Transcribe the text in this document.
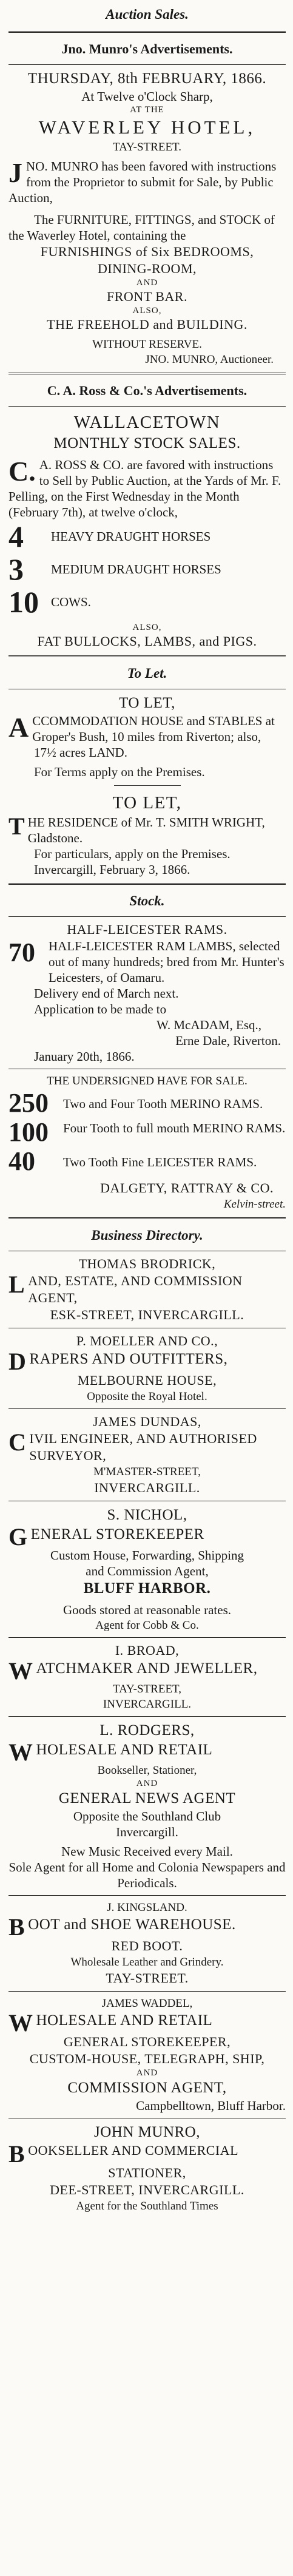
Auction Sales.
Jno. Munro's Advertisements.
THURSDAY, 8th FEBRUARY, 1866.
At Twelve o'Clock Sharp,
AT THE
WAVERLEY HOTEL,
TAY-STREET.
J NO. MUNRO has been favored with instructions from the Proprietor to submit for Sale, by Public Auction,
The FURNITURE, FITTINGS, and STOCK of the Waverley Hotel, containing the
FURNISHINGS of Six BEDROOMS,
DINING-ROOM,
AND
FRONT BAR.
ALSO,
THE FREEHOLD and BUILDING.
WITHOUT RESERVE.
JNO. MUNRO, Auctioneer.
C. A. Ross & Co.'s Advertisements.
WALLACETOWN
MONTHLY STOCK SALES.
C. A. ROSS & CO. are favored with instructions to Sell by Public Auction, at the Yards of Mr. F. Pelling, on the First Wednesday in the Month (February 7th), at twelve o'clock,
4	HEAVY DRAUGHT HORSES
3	MEDIUM DRAUGHT HORSES
10 COWS.
ALSO,
FAT BULLOCKS, LAMBS, and PIGS.
To Let.
TO LET,
A CCOMMODATION HOUSE and STABLES at Groper's Bush, 10 miles from Riverton; also,
17½ acres LAND.
For Terms apply on the Premises.
TO LET,
T HE RESIDENCE of Mr. T. SMITH WRIGHT, Gladstone.
For particulars, apply on the Premises.
Invercargill, February 3, 1866.
Stock.
HALF-LEICESTER RAMS.
70	HALF-LEICESTER RAM LAMBS, selected out of many hundreds; bred from Mr. Hunter's Leicesters, of Oamaru.
Delivery end of March next.
Application to be made to
W. McADAM, Esq.,
Erne Dale, Riverton.
January 20th, 1866.
THE UNDERSIGNED HAVE FOR SALE.
250	Two and Four Tooth MERINO RAMS.
100	Four Tooth to full mouth MERINO RAMS.
40	Two Tooth Fine LEICESTER RAMS.
DALGETY, RATTRAY & CO.
Kelvin-street.
Business Directory.
THOMAS BRODRICK,
L AND, ESTATE, AND COMMISSION AGENT,
ESK-STREET, INVERCARGILL.
P. MOELLER AND CO.,
D RAPERS AND OUTFITTERS,
MELBOURNE HOUSE,
Opposite the Royal Hotel.
JAMES DUNDAS,
C IVIL ENGINEER, AND AUTHORISED SURVEYOR,
M'MASTER-STREET,
INVERCARGILL.
S. NICHOL,
G ENERAL STOREKEEPER
Custom House, Forwarding, Shipping
and Commission Agent,
BLUFF HARBOR.
Goods stored at reasonable rates.
Agent for Cobb & Co.
I. BROAD,
W ATCHMAKER AND JEWELLER,
TAY-STREET,
INVERCARGILL.
L. RODGERS,
W HOLESALE AND RETAIL
Bookseller, Stationer,
AND
GENERAL NEWS AGENT
Opposite the Southland Club
Invercargill.
New Music Received every Mail.
Sole Agent for all Home and Colonia Newspapers and Periodicals.
J. KINGSLAND.
B OOT and SHOE WAREHOUSE.
RED BOOT.
Wholesale Leather and Grindery.
TAY-STREET.
JAMES WADDEL,
W HOLESALE AND RETAIL
GENERAL STOREKEEPER,
CUSTOM-HOUSE, TELEGRAPH, SHIP,
AND
COMMISSION AGENT,
Campbelltown, Bluff Harbor.
JOHN MUNRO,
B OOKSELLER AND COMMERCIAL
STATIONER,
DEE-STREET, INVERCARGILL.
Agent for the Southland Times
